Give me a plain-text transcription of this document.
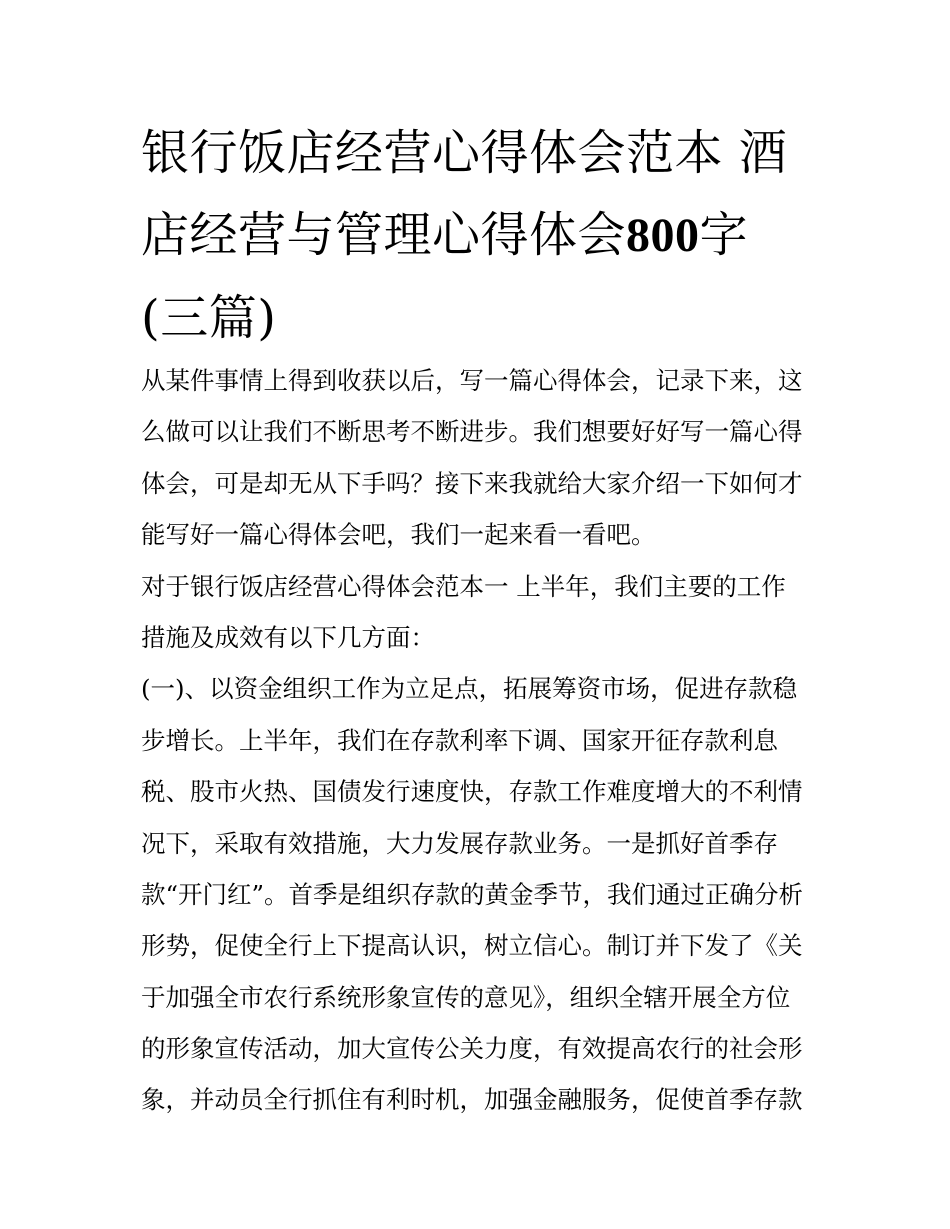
银行饭店经营心得体会范本 酒
店经营与管理心得体会800字
(三篇)
从某件事情上得到收获以后，写一篇心得体会，记录下来，这
么做可以让我们不断思考不断进步。我们想要好好写一篇心得
体会，可是却无从下手吗？接下来我就给大家介绍一下如何才
能写好一篇心得体会吧，我们一起来看一看吧。
对于银行饭店经营心得体会范本一 上半年，我们主要的工作
措施及成效有以下几方面：
(一)、以资金组织工作为立足点，拓展筹资市场，促进存款稳
步增长。上半年，我们在存款利率下调、国家开征存款利息
税、股市火热、国债发行速度快，存款工作难度增大的不利情
况下，采取有效措施，大力发展存款业务。一是抓好首季存
款“开门红”。首季是组织存款的黄金季节，我们通过正确分析
形势，促使全行上下提高认识，树立信心。制订并下发了《关
于加强全市农行系统形象宣传的意见》，组织全辖开展全方位
的形象宣传活动，加大宣传公关力度，有效提高农行的社会形
象，并动员全行抓住有利时机，加强金融服务，促使首季存款
